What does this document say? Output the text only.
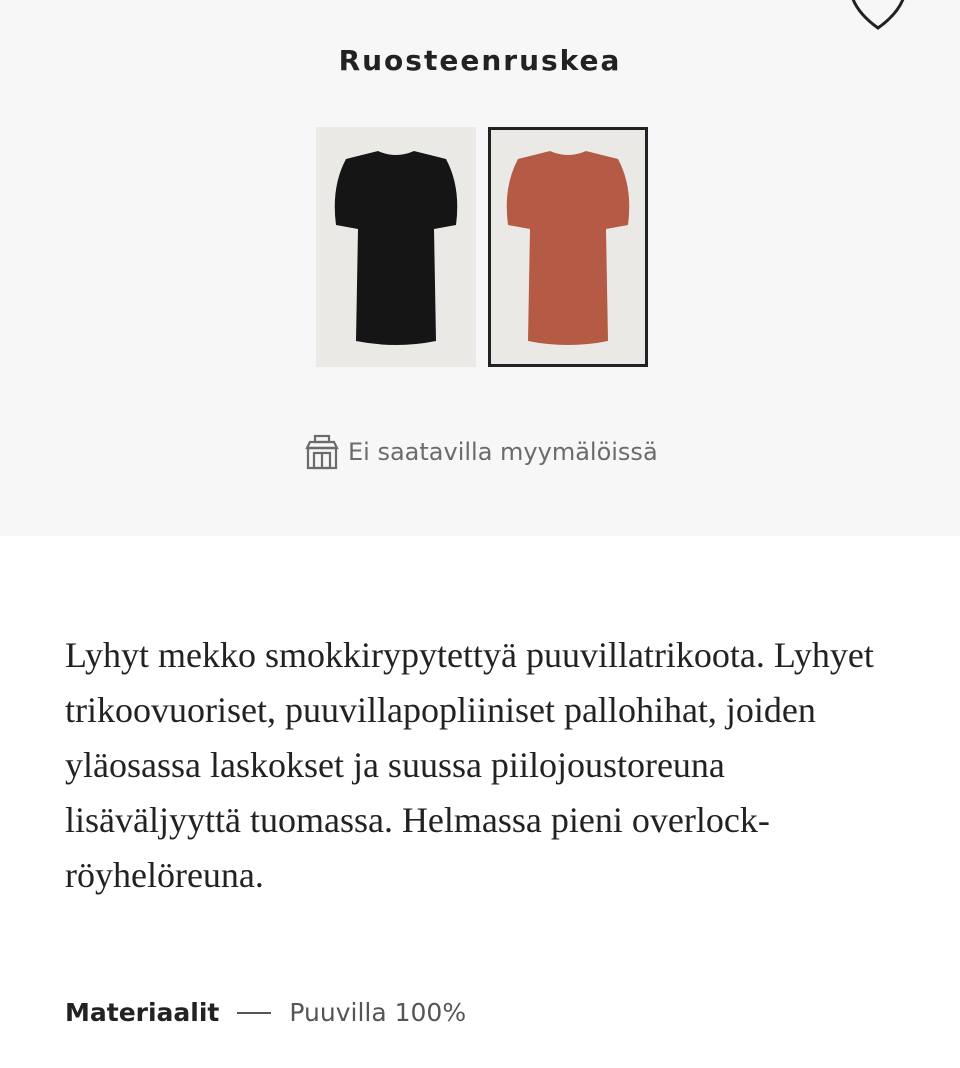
Ruosteenruskea
Ei saatavilla myymälöissä

Lyhyt mekko smokkirypytettyä puuvillatrikoota. Lyhyet trikoovuoriset, puuvillapopliiniset pallohihat, joiden yläosassa laskokset ja suussa piilojoustoreuna lisäväljyyttä tuomassa. Helmassa pieni overlock-röyhelöreuna.

Materiaalit	Puuvilla 100%
